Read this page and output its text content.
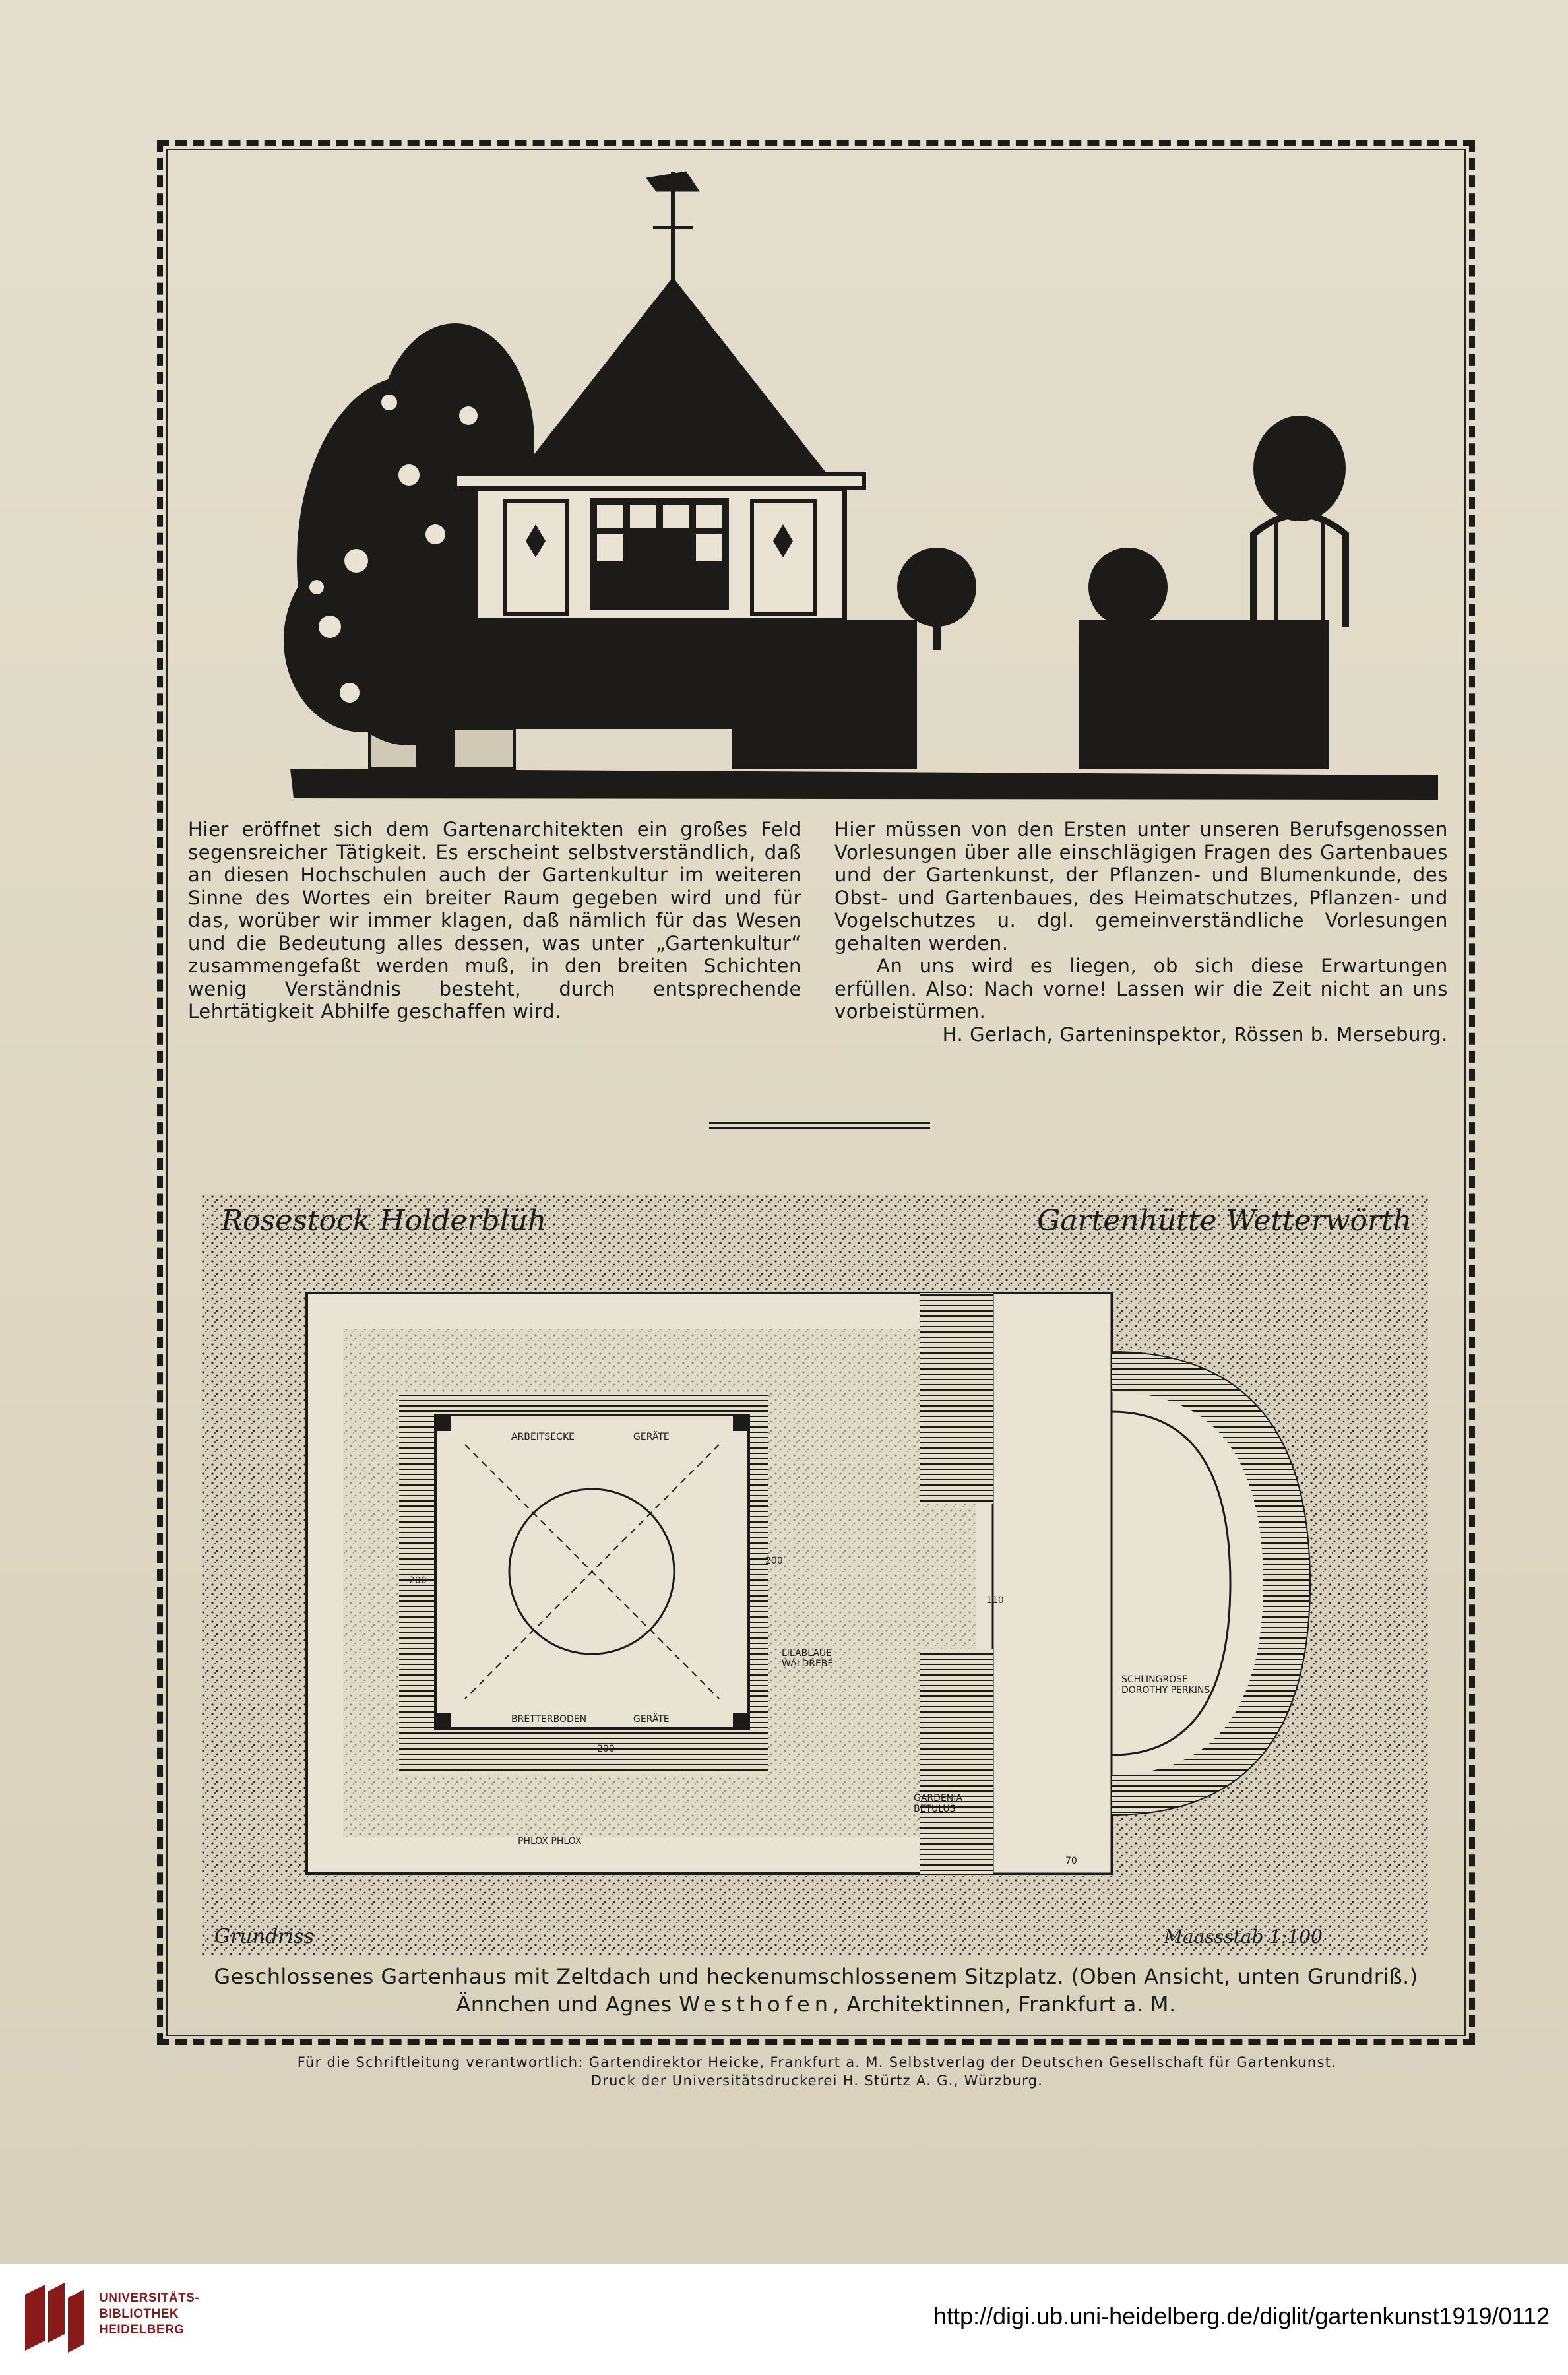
Hier eröffnet sich dem Gartenarchitekten ein großes Feld segensreicher Tätigkeit. Es erscheint selbstverständlich, daß an diesen Hochschulen auch der Gartenkultur im weiteren Sinne des Wortes ein breiter Raum gegeben wird und für das, worüber wir immer klagen, daß nämlich für das Wesen und die Bedeutung alles dessen, was unter „Gartenkultur“ zusammengefaßt werden muß, in den breiten Schichten wenig Verständnis besteht, durch entsprechende Lehrtätigkeit Abhilfe geschaffen wird.

Hier müssen von den Ersten unter unseren Berufsgenossen Vorlesungen über alle einschlägigen Fragen des Gartenbaues und der Gartenkunst, der Pflanzen- und Blumenkunde, des Obst- und Gartenbaues, des Heimatschutzes, Pflanzen- und Vogelschutzes u. dgl. gemeinverständliche Vorlesungen gehalten werden.

An uns wird es liegen, ob sich diese Erwartungen erfüllen. Also: Nach vorne! Lassen wir die Zeit nicht an uns vorbeistürmen.

H. Gerlach, Garteninspektor, Rössen b. Merseburg.

Rosestock Holderblüh	Gartenhütte Wetterwörth
ARBEITSECKE	GERÄTE
BRETTERBODEN	GERÄTE
LILABLAUE
WALDREBE
SCHLINGROSE
DOROTHY PERKINS
GARDENIA
BETULUS
PHLOX PHLOX
200
200
200
110
70
Grundriss	Maassstab 1:100
Geschlossenes Gartenhaus mit Zeltdach und heckenumschlossenem Sitzplatz. (Oben Ansicht, unten Grundriß.)
Ännchen und Agnes Westhofen, Architektinnen, Frankfurt a. M.
Für die Schriftleitung verantwortlich: Gartendirektor Heicke, Frankfurt a. M. Selbstverlag der Deutschen Gesellschaft für Gartenkunst.
Druck der Universitätsdruckerei H. Stürtz A. G., Würzburg.
UNIVERSITÄTS-
BIBLIOTHEK
HEIDELBERG
http://digi.ub.uni-heidelberg.de/diglit/gartenkunst1919/0112
